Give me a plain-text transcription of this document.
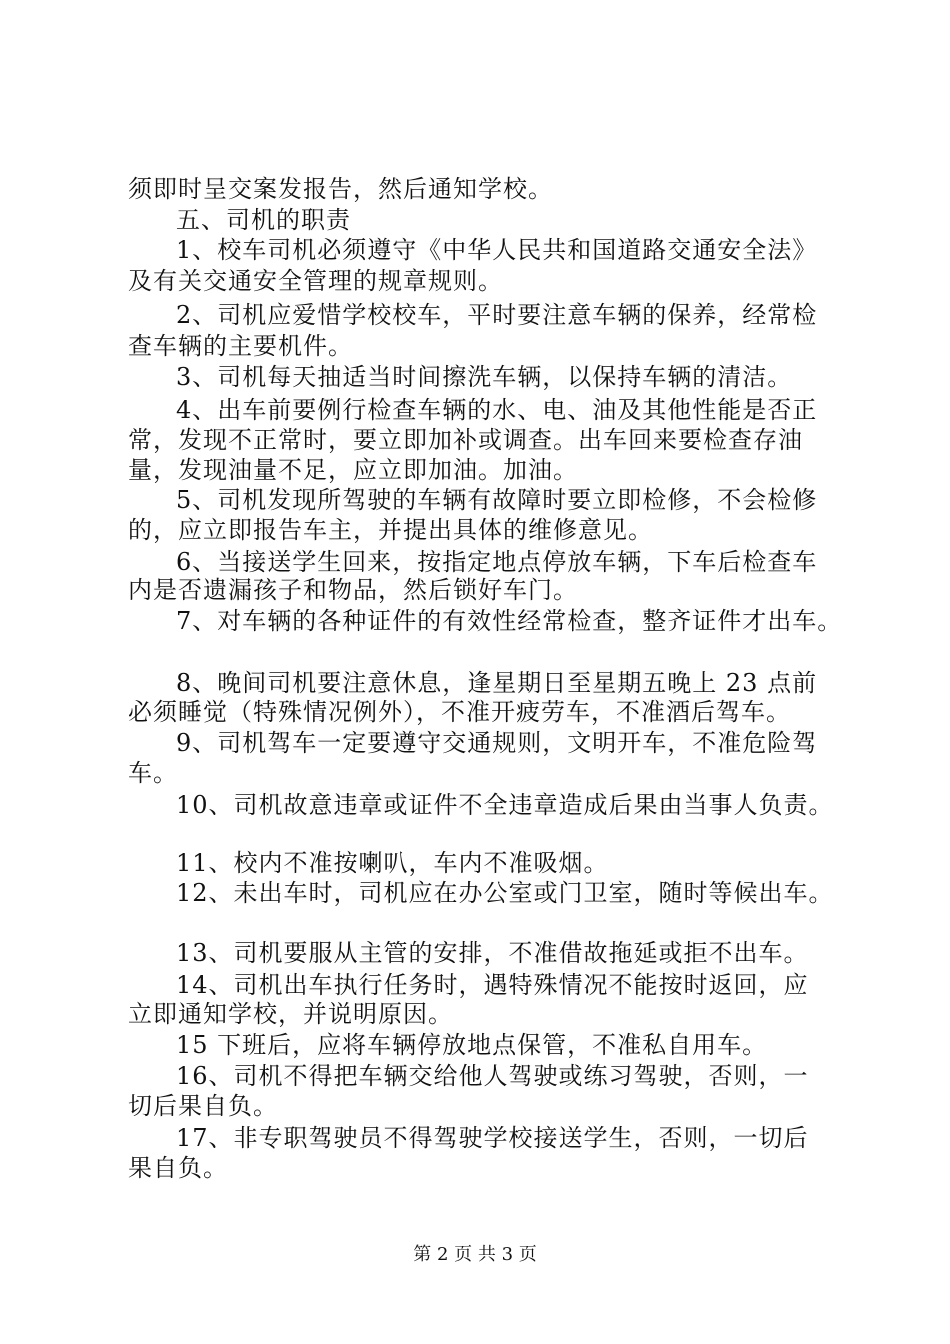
须即时呈交案发报告，然后通知学校。
五、司机的职责
1、校车司机必须遵守《中华人民共和国道路交通安全法》
及有关交通安全管理的规章规则。
2、司机应爱惜学校校车，平时要注意车辆的保养，经常检
查车辆的主要机件。
3、司机每天抽适当时间擦洗车辆，以保持车辆的清洁。
4、出车前要例行检查车辆的水、电、油及其他性能是否正
常，发现不正常时，要立即加补或调查。出车回来要检查存油
量，发现油量不足，应立即加油。加油。
5、司机发现所驾驶的车辆有故障时要立即检修，不会检修
的，应立即报告车主，并提出具体的维修意见。
6、当接送学生回来，按指定地点停放车辆，下车后检查车
内是否遗漏孩子和物品，然后锁好车门。
7、对车辆的各种证件的有效性经常检查，整齐证件才出车。
8、晚间司机要注意休息，逢星期日至星期五晚上 23 点前
必须睡觉（特殊情况例外），不准开疲劳车，不准酒后驾车。
9、司机驾车一定要遵守交通规则，文明开车，不准危险驾
车。
10、司机故意违章或证件不全违章造成后果由当事人负责。
11、校内不准按喇叭，车内不准吸烟。
12、未出车时，司机应在办公室或门卫室，随时等候出车。
13、司机要服从主管的安排，不准借故拖延或拒不出车。
14、司机出车执行任务时，遇特殊情况不能按时返回，应
立即通知学校，并说明原因。
15 下班后，应将车辆停放地点保管，不准私自用车。
16、司机不得把车辆交给他人驾驶或练习驾驶，否则，一
切后果自负。
17、非专职驾驶员不得驾驶学校接送学生，否则，一切后
果自负。
第 2 页 共 3 页
